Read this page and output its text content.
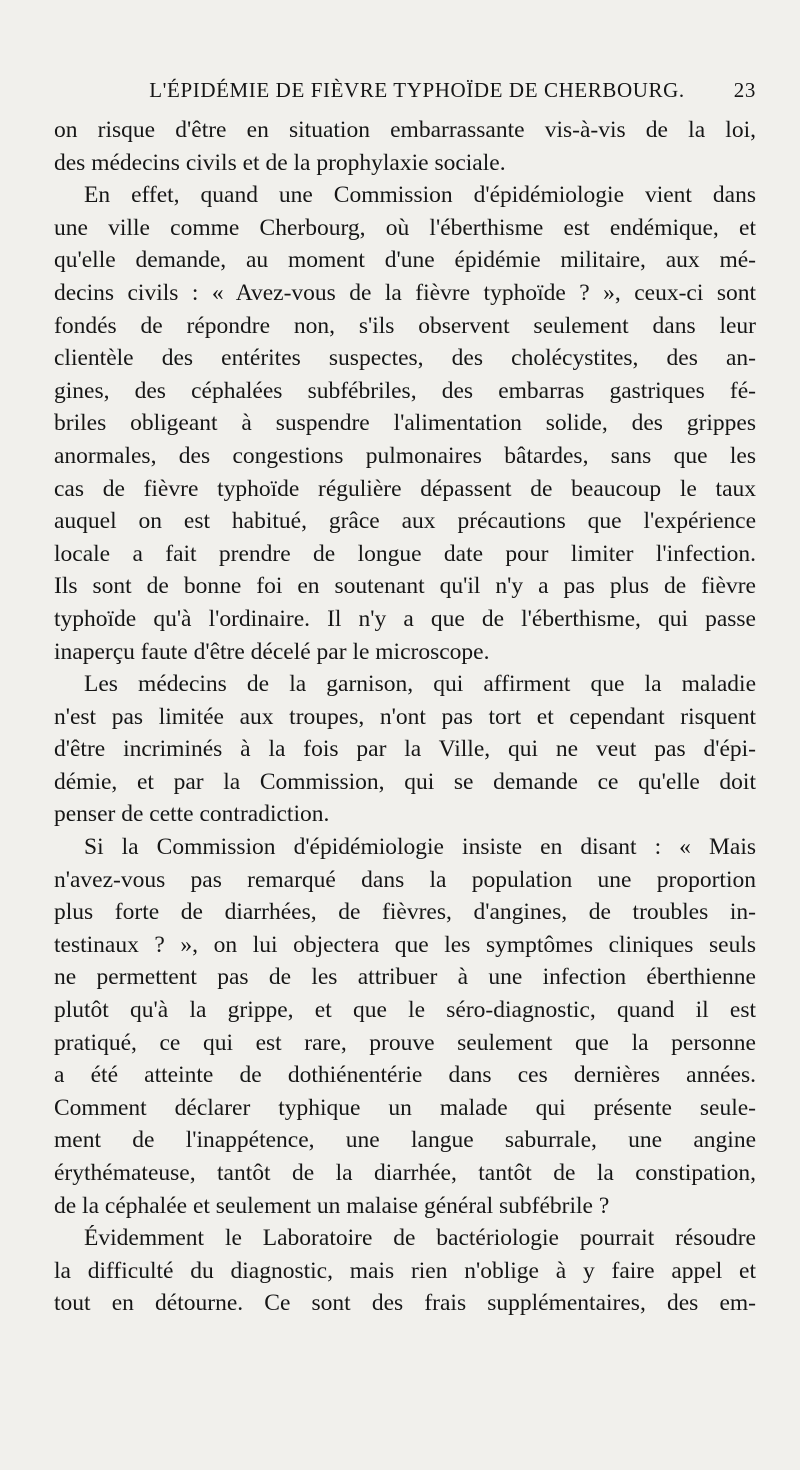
L'ÉPIDÉMIE DE FIÈVRE TYPHOÏDE DE CHERBOURG.	23
on risque d'être en situation embarrassante vis-à-vis de la loi,
des médecins civils et de la prophylaxie sociale.
En effet, quand une Commission d'épidémiologie vient dans
une ville comme Cherbourg, où l'éberthisme est endémique, et
qu'elle demande, au moment d'une épidémie militaire, aux mé-
decins civils : « Avez-vous de la fièvre typhoïde ? », ceux-ci sont
fondés de répondre non, s'ils observent seulement dans leur
clientèle des entérites suspectes, des cholécystites, des an-
gines, des céphalées subfébriles, des embarras gastriques fé-
briles obligeant à suspendre l'alimentation solide, des grippes
anormales, des congestions pulmonaires bâtardes, sans que les
cas de fièvre typhoïde régulière dépassent de beaucoup le taux
auquel on est habitué, grâce aux précautions que l'expérience
locale a fait prendre de longue date pour limiter l'infection.
Ils sont de bonne foi en soutenant qu'il n'y a pas plus de fièvre
typhoïde qu'à l'ordinaire. Il n'y a que de l'éberthisme, qui passe
inaperçu faute d'être décelé par le microscope.
Les médecins de la garnison, qui affirment que la maladie
n'est pas limitée aux troupes, n'ont pas tort et cependant risquent
d'être incriminés à la fois par la Ville, qui ne veut pas d'épi-
démie, et par la Commission, qui se demande ce qu'elle doit
penser de cette contradiction.
Si la Commission d'épidémiologie insiste en disant : « Mais
n'avez-vous pas remarqué dans la population une proportion
plus forte de diarrhées, de fièvres, d'angines, de troubles in-
testinaux ? », on lui objectera que les symptômes cliniques seuls
ne permettent pas de les attribuer à une infection éberthienne
plutôt qu'à la grippe, et que le séro-diagnostic, quand il est
pratiqué, ce qui est rare, prouve seulement que la personne
a été atteinte de dothiénentérie dans ces dernières années.
Comment déclarer typhique un malade qui présente seule-
ment de l'inappétence, une langue saburrale, une angine
érythémateuse, tantôt de la diarrhée, tantôt de la constipation,
de la céphalée et seulement un malaise général subfébrile ?
Évidemment le Laboratoire de bactériologie pourrait résoudre
la difficulté du diagnostic, mais rien n'oblige à y faire appel et
tout en détourne. Ce sont des frais supplémentaires, des em-
